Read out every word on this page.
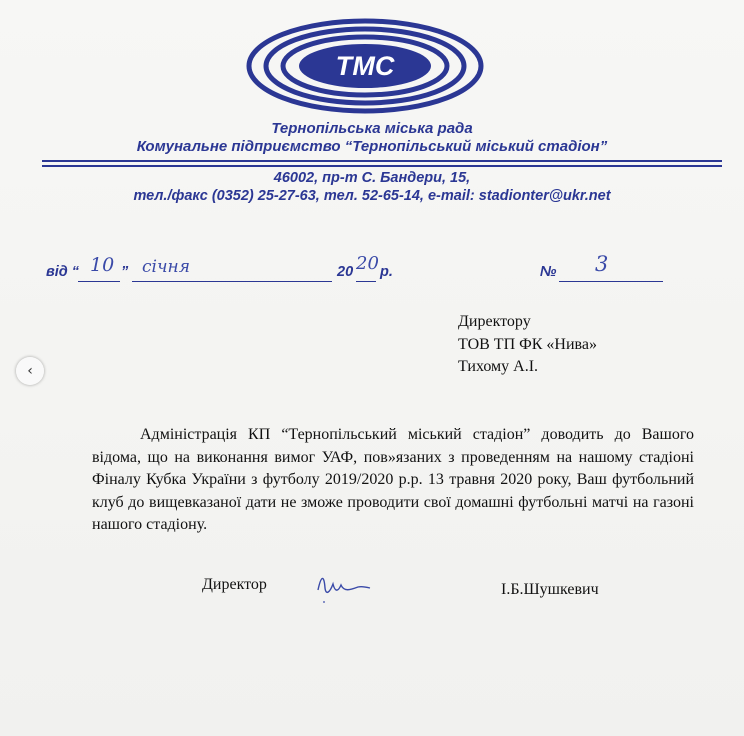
ТМС
Тернопільська міська рада
Комунальне підприємство “Тернопільський міський стадіон”
46002, пр-т С. Бандери, 15,
тел./факс (0352) 25-27-63, тел. 52-65-14, e-mail: stadionter@ukr.net
від “ 10 ” січня	20 20 р.	№ 3
Директору
ТОВ ТП ФК «Нива»
Тихому А.І.
Адміністрація КП “Тернопільський міський стадіон” доводить до Вашого відома, що на виконання вимог УАФ, пов»язаних з проведенням на нашому стадіоні Фіналу Кубка України з футболу 2019/2020 р.р. 13 травня 2020 року, Ваш футбольний клуб до вищевказаної дати не зможе проводити свої домашні футбольні матчі на газоні нашого стадіону.
Директор	І.Б.Шушкевич
‹
